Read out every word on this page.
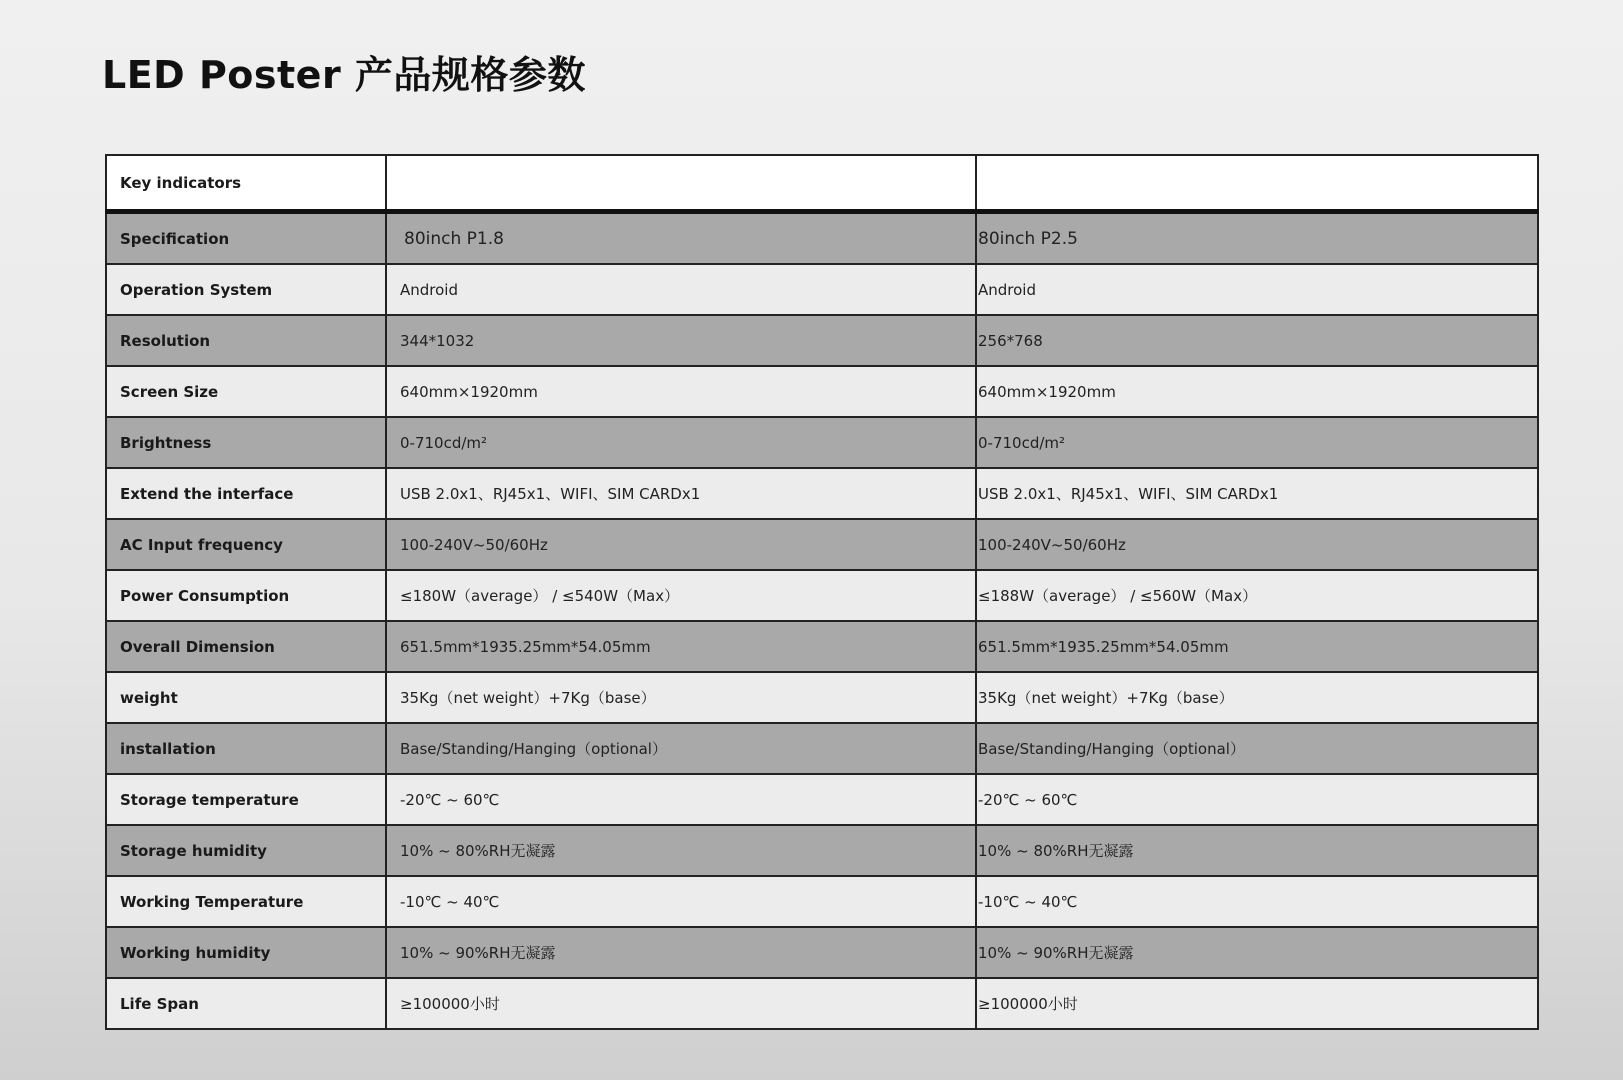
LED Poster 产品规格参数
Key indicators		
Specification	80inch P1.8	80inch P2.5
Operation System	Android	Android
Resolution	344*1032	256*768
Screen Size	640mm×1920mm	640mm×1920mm
Brightness	0-710cd/m²	0-710cd/m²
Extend the interface	USB 2.0x1、RJ45x1、WIFI、SIM CARDx1	USB 2.0x1、RJ45x1、WIFI、SIM CARDx1
AC Input frequency	100-240V~50/60Hz	100-240V~50/60Hz
Power Consumption	≤180W（average） / ≤540W（Max）	≤188W（average） / ≤560W（Max）
Overall Dimension	651.5mm*1935.25mm*54.05mm	651.5mm*1935.25mm*54.05mm
weight	35Kg（net weight）+7Kg（base）	35Kg（net weight）+7Kg（base）
installation	Base/Standing/Hanging（optional）	Base/Standing/Hanging（optional）
Storage temperature	-20℃ ~ 60℃	-20℃ ~ 60℃
Storage humidity	10% ~ 80%RH无凝露	10% ~ 80%RH无凝露
Working Temperature	-10℃ ~ 40℃	-10℃ ~ 40℃
Working humidity	10% ~ 90%RH无凝露	10% ~ 90%RH无凝露
Life Span	≥100000小时	≥100000小时
